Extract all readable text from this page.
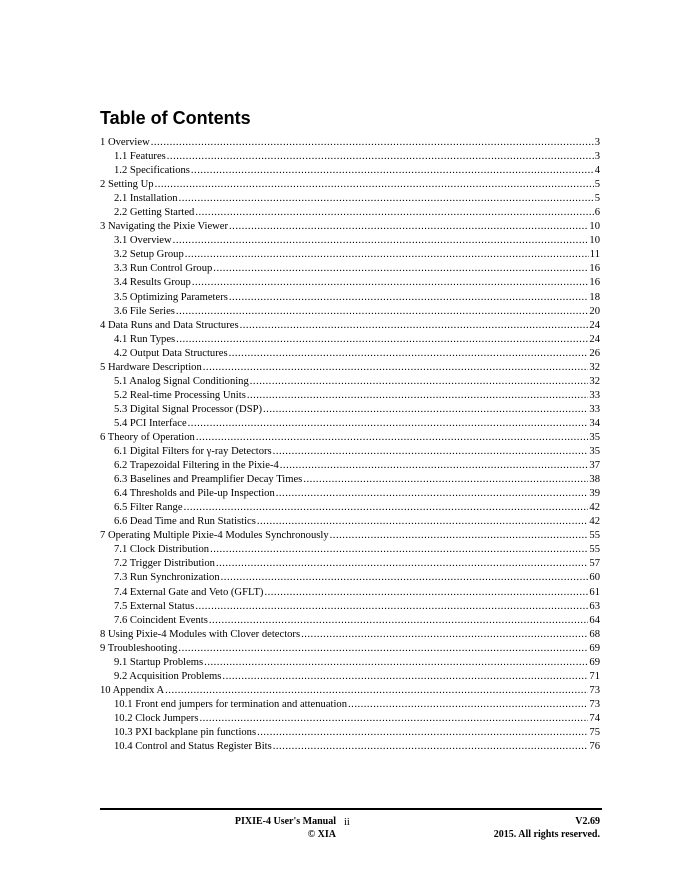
Table of Contents
1 Overview .....	3
1.1 Features .....	3
1.2 Specifications .....	4
2 Setting Up .....	5
2.1 Installation .....	5
2.2 Getting Started .....	6
3 Navigating the Pixie Viewer .....	10
3.1 Overview .....	10
3.2 Setup Group .....	11
3.3 Run Control Group .....	16
3.4 Results Group .....	16
3.5 Optimizing Parameters .....	18
3.6 File Series .....	20
4 Data Runs and Data Structures .....	24
4.1 Run Types .....	24
4.2 Output Data Structures .....	26
5 Hardware Description .....	32
5.1 Analog Signal Conditioning .....	32
5.2 Real-time Processing Units .....	33
5.3 Digital Signal Processor (DSP) .....	33
5.4 PCI Interface .....	34
6 Theory of Operation .....	35
6.1 Digital Filters for γ-ray Detectors .....	35
6.2 Trapezoidal Filtering in the Pixie-4 .....	37
6.3 Baselines and Preamplifier Decay Times .....	38
6.4 Thresholds and Pile-up Inspection .....	39
6.5 Filter Range .....	42
6.6 Dead Time and Run Statistics .....	42
7 Operating Multiple Pixie-4 Modules Synchronously .....	55
7.1 Clock Distribution .....	55
7.2 Trigger Distribution .....	57
7.3 Run Synchronization .....	60
7.4 External Gate and Veto (GFLT) .....	61
7.5 External Status .....	63
7.6 Coincident Events .....	64
8 Using Pixie-4 Modules with Clover detectors .....	68
9 Troubleshooting .....	69
9.1 Startup Problems .....	69
9.2 Acquisition Problems .....	71
10 Appendix A .....	73
10.1 Front end jumpers for termination and attenuation .....	73
10.2 Clock Jumpers .....	74
10.3 PXI backplane pin functions .....	75
10.4 Control and Status Register Bits .....	76
PIXIE-4 User's Manual
© XIA
ii	V2.69
2015. All rights reserved.
